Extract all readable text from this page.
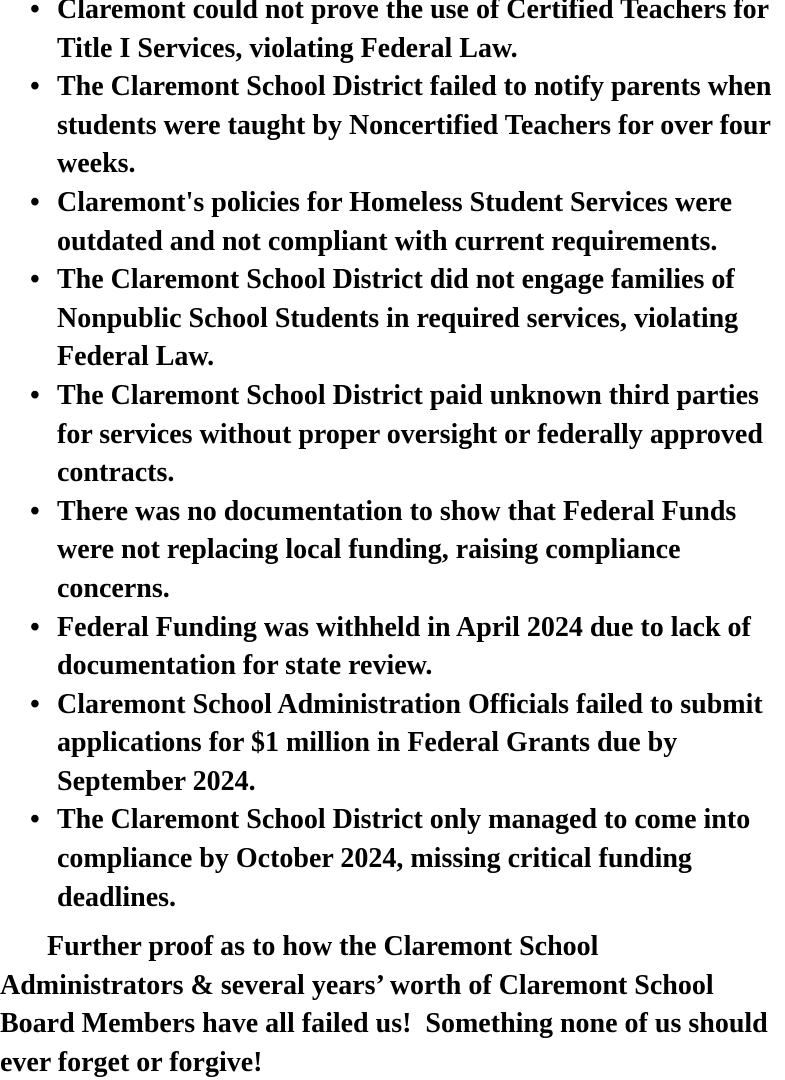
• Claremont could not prove the use of Certified Teachers for
Title I Services, violating Federal Law.
• The Claremont School District failed to notify parents when
students were taught by Noncertified Teachers for over four
weeks.
• Claremont's policies for Homeless Student Services were
outdated and not compliant with current requirements.
• The Claremont School District did not engage families of
Nonpublic School Students in required services, violating
Federal Law.
• The Claremont School District paid unknown third parties
for services without proper oversight or federally approved
contracts.
• There was no documentation to show that Federal Funds
were not replacing local funding, raising compliance
concerns.
• Federal Funding was withheld in April 2024 due to lack of
documentation for state review.
• Claremont School Administration Officials failed to submit
applications for $1 million in Federal Grants due by
September 2024.
• The Claremont School District only managed to come into
compliance by October 2024, missing critical funding
deadlines.

Further proof as to how the Claremont School
Administrators & several years’ worth of Claremont School
Board Members have all failed us!  Something none of us should
ever forget or forgive!
